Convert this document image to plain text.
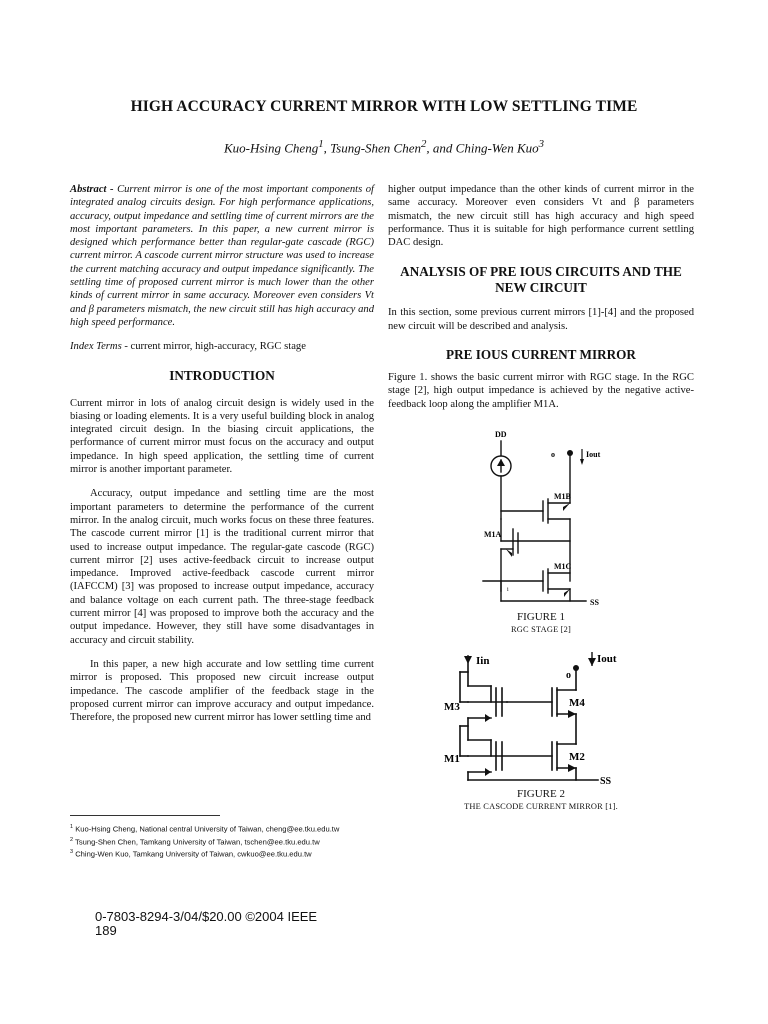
HIGH ACCURACY CURRENT MIRROR WITH LOW SETTLING TIME
Kuo-Hsing Cheng$^1$, Tsung-Shen Chen$^2$, and Ching-Wen Kuo$^3$

Abstract - Current mirror is one of the most important components of integrated analog circuits design. For high performance applications, accuracy, output impedance and settling time of current mirrors are the most important parameters. In this paper, a new current mirror is designed which performance better than regular-gate cascade (RGC) current mirror. A cascode current mirror structure was used to increase the current matching accuracy and output impedance significantly. The settling time of proposed current mirror is much lower than the other kinds of current mirror in same accuracy. Moreover even considers Vt and β parameters mismatch, the new circuit still has high accuracy and high speed performance.

Index Terms - current mirror, high-accuracy, RGC stage

INTRODUCTION

Current mirror in lots of analog circuit design is widely used in the biasing or loading elements. It is a very useful building block in analog integrated circuit design. In the biasing circuit applications, the performance of current mirror must focus on the accuracy and output impedance. In high speed application, the settling time of current mirror is another important parameter.

Accuracy, output impedance and settling time are the most important parameters to determine the performance of the current mirror. In the analog circuit, much works focus on these three features. The cascode current mirror [1] is the traditional current mirror that used to increase output impedance. The regular-gate cascode (RGC) current mirror [2] uses active-feedback circuit to increase output impedance. Improved active-feedback cascode current mirror (IAFCCM) [3] was proposed to increase output impedance, accuracy and balance voltage on each current path. The three-stage feedback current mirror [4] was proposed to improve both the accuracy and the output impedance. However, they still have some disadvantages in accuracy and circuit stability.

In this paper, a new high accurate and low settling time current mirror is proposed. This proposed new circuit increase output impedance. The cascode amplifier of the feedback stage in the proposed current mirror can improve accuracy and output impedance. Therefore, the proposed new current mirror has lower settling time and

higher output impedance than the other kinds of current mirror in the same accuracy. Moreover even considers Vt and β parameters mismatch, the new circuit still has high accuracy and high speed performance. Thus it is suitable for high performance current settling DAC design.

ANALYSIS OF PRE IOUS CIRCUITS AND THE NEW CIRCUIT

In this section, some previous current mirrors [1]-[4] and the proposed new circuit will be described and analysis.

PRE IOUS CURRENT MIRROR

Figure 1. shows the basic current mirror with RGC stage. In the RGC stage [2], high output impedance is achieved by the negative active-feedback loop along the amplifier M1A.

DD
o	Iout
M1B
M1A
M1C
i
SS
FIGURE 1
RGC STAGE [2]
Iin	Iout
o
M3	M4
M1	M2
SS
FIGURE 2
THE CASCODE CURRENT MIRROR [1].
$^1$ Kuo-Hsing Cheng, National central University of Taiwan, cheng@ee.tku.edu.tw
$^2$ Tsung-Shen Chen, Tamkang University of Taiwan, tschen@ee.tku.edu.tw
$^3$ Ching-Wen Kuo, Tamkang University of Taiwan, cwkuo@ee.tku.edu.tw
0-7803-8294-3/04/$20.00 ©2004 IEEE
189
